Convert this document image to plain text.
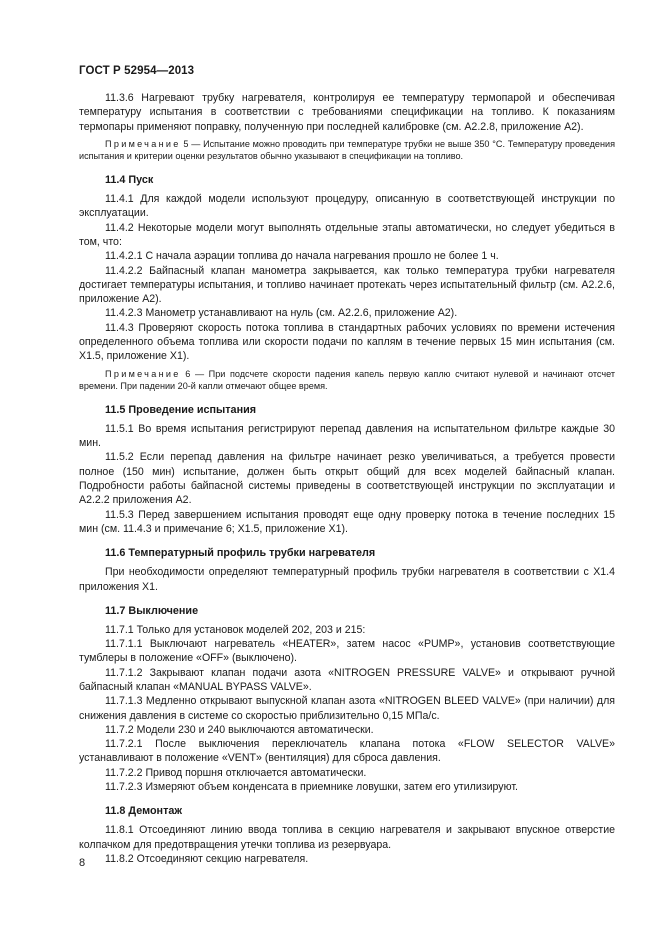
ГОСТ Р 52954—2013

11.3.6 Нагревают трубку нагревателя, контролируя ее температуру термопарой и обеспечивая температуру испытания в соответствии с требованиями спецификации на топливо. К показаниям термопары применяют поправку, полученную при последней калибровке (см. А2.2.8, приложение А2).

Примечание 5 — Испытание можно проводить при температуре трубки не выше 350 °С. Температуру проведения испытания и критерии оценки результатов обычно указывают в спецификации на топливо.

11.4 Пуск

11.4.1 Для каждой модели используют процедуру, описанную в соответствующей инструкции по эксплуатации.

11.4.2 Некоторые модели могут выполнять отдельные этапы автоматически, но следует убедиться в том, что:

11.4.2.1 С начала аэрации топлива до начала нагревания прошло не более 1 ч.

11.4.2.2 Байпасный клапан манометра закрывается, как только температура трубки нагревателя достигает температуры испытания, и топливо начинает протекать через испытательный фильтр (см. А2.2.6, приложение А2).

11.4.2.3 Манометр устанавливают на нуль (см. А2.2.6, приложение А2).

11.4.3 Проверяют скорость потока топлива в стандартных рабочих условиях по времени истечения определенного объема топлива или скорости подачи по каплям в течение первых 15 мин испытания (см. Х1.5, приложение Х1).

Примечание 6 — При подсчете скорости падения капель первую каплю считают нулевой и начинают отсчет времени. При падении 20-й капли отмечают общее время.

11.5 Проведение испытания

11.5.1 Во время испытания регистрируют перепад давления на испытательном фильтре каждые 30 мин.

11.5.2 Если перепад давления на фильтре начинает резко увеличиваться, а требуется провести полное (150 мин) испытание, должен быть открыт общий для всех моделей байпасный клапан. Подробности работы байпасной системы приведены в соответствующей инструкции по эксплуатации и А2.2.2 приложения А2.

11.5.3 Перед завершением испытания проводят еще одну проверку потока в течение последних 15 мин (см. 11.4.3 и примечание 6; Х1.5, приложение Х1).

11.6 Температурный профиль трубки нагревателя

При необходимости определяют температурный профиль трубки нагревателя в соответствии с Х1.4 приложения Х1.

11.7 Выключение

11.7.1 Только для установок моделей 202, 203 и 215:

11.7.1.1 Выключают нагреватель «HEATER», затем насос «PUMP», установив соответствующие тумблеры в положение «OFF» (выключено).

11.7.1.2 Закрывают клапан подачи азота «NITROGEN PRESSURE VALVE» и открывают ручной байпасный клапан «MANUAL BYPASS VALVE».

11.7.1.3 Медленно открывают выпускной клапан азота «NITROGEN BLEED VALVE» (при наличии) для снижения давления в системе со скоростью приблизительно 0,15 МПа/с.

11.7.2 Модели 230 и 240 выключаются автоматически.

11.7.2.1 После выключения переключатель клапана потока «FLOW SELECTOR VALVE» устанавливают в положение «VENT» (вентиляция) для сброса давления.

11.7.2.2 Привод поршня отключается автоматически.

11.7.2.3 Измеряют объем конденсата в приемнике ловушки, затем его утилизируют.

11.8 Демонтаж

11.8.1 Отсоединяют линию ввода топлива в секцию нагревателя и закрывают впускное отверстие колпачком для предотвращения утечки топлива из резервуара.

11.8.2 Отсоединяют секцию нагревателя.

8
